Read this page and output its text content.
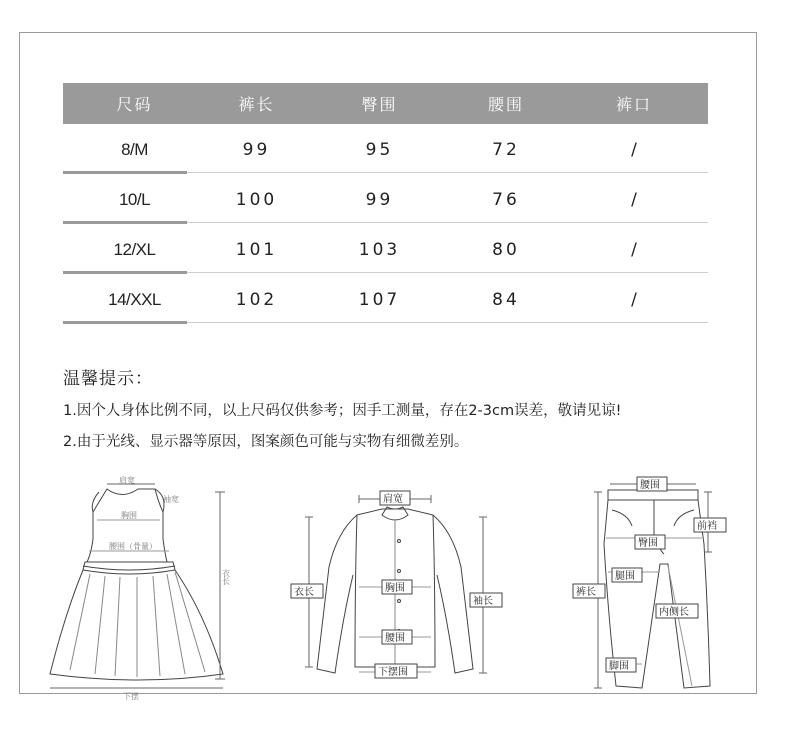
尺码	裤长	臀围	腰围	裤口
8/M	99	95	72	/
10/L	100	99	76	/
12/XL	101	103	80	/
14/XXL	102	107	84	/
温馨提示：
1.因个人身体比例不同，以上尺码仅供参考；因手工测量，存在2-3cm误差，敬请见谅!
2.由于光线、显示器等原因，图案颜色可能与实物有细微差别。
肩宽
袖宽
胸围
腰围（骨量）
衣长
下摆
肩宽
衣长	胸围
袖长
腰围
下摆围
腰围
前裆
臀围
腿围
裤长
内侧长
脚围
